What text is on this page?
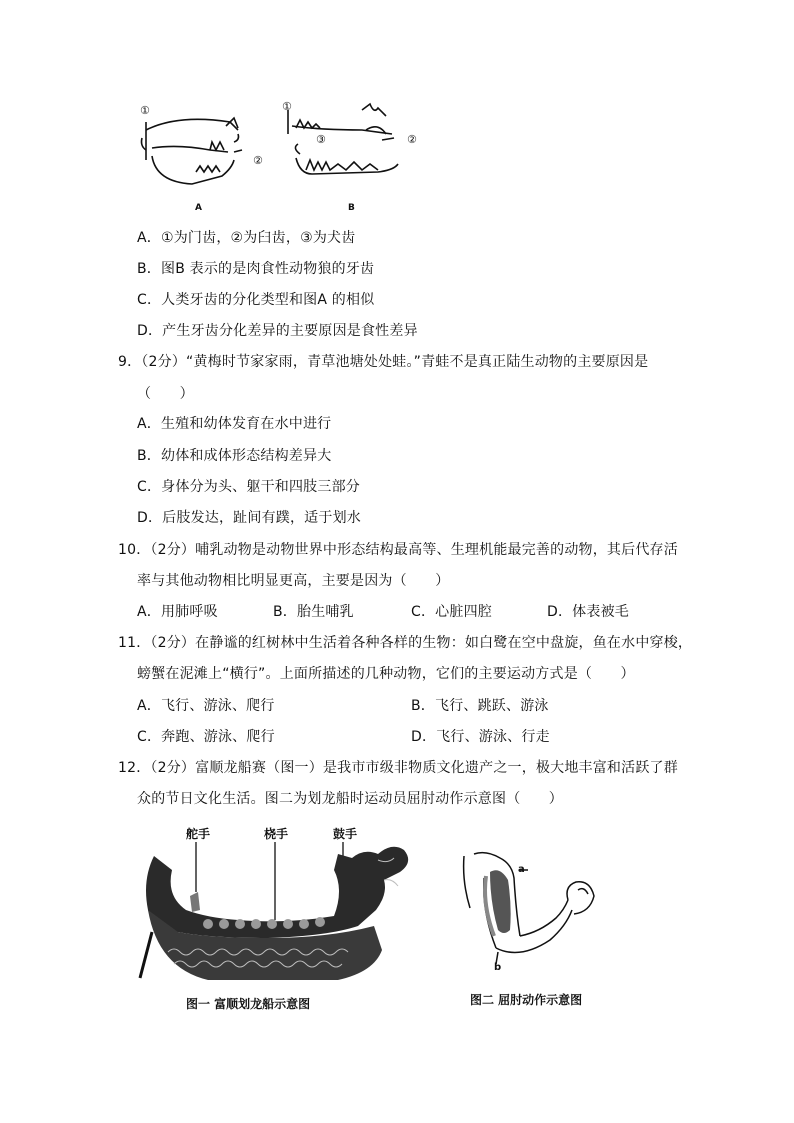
①
②
A
①
③	②
B
A．①为门齿，②为臼齿，③为犬齿
B．图B 表示的是肉食性动物狼的牙齿
C．人类牙齿的分化类型和图A 的相似
D．产生牙齿分化差异的主要原因是食性差异
9．（2分）“黄梅时节家家雨，青草池塘处处蛙。”青蛙不是真正陆生动物的主要原因是
（　　）
A．生殖和幼体发育在水中进行
B．幼体和成体形态结构差异大
C．身体分为头、躯干和四肢三部分
D．后肢发达，趾间有蹼，适于划水
10．（2分）哺乳动物是动物世界中形态结构最高等、生理机能最完善的动物，其后代存活
率与其他动物相比明显更高，主要是因为（　　）
A．用肺呼吸	B．胎生哺乳	C．心脏四腔	D．体表被毛
11．（2分）在静谧的红树林中生活着各种各样的生物：如白鹭在空中盘旋，鱼在水中穿梭，
螃蟹在泥滩上“横行”。上面所描述的几种动物，它们的主要运动方式是（　　）
A．飞行、游泳、爬行	B．飞行、跳跃、游泳
C．奔跑、游泳、爬行	D．飞行、游泳、行走
12．（2分）富顺龙船赛（图一）是我市市级非物质文化遗产之一，极大地丰富和活跃了群
众的节日文化生活。图二为划龙船时运动员屈肘动作示意图（　　）
舵手	桡手	鼓手
图一 富顺划龙船示意图
a
b
图二 屈肘动作示意图
